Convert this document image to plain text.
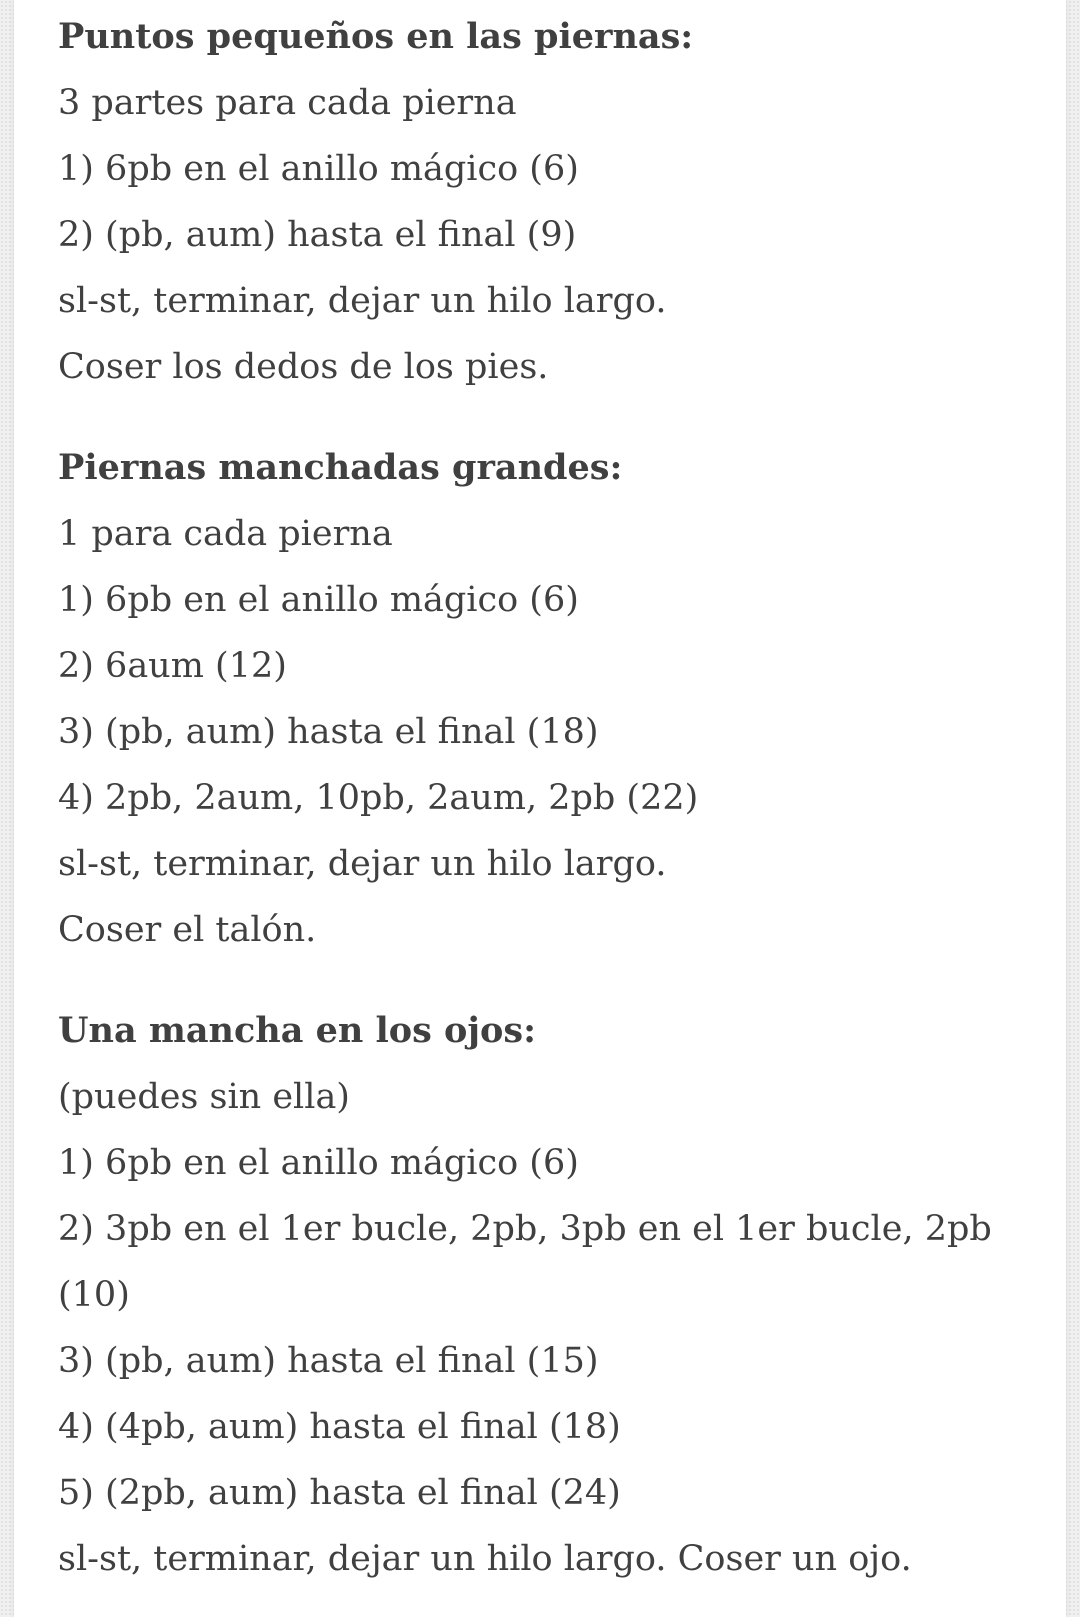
Puntos pequeños en las piernas:

3 partes para cada pierna

1) 6pb en el anillo mágico (6)

2) (pb, aum) hasta el final (9)

sl-st, terminar, dejar un hilo largo.

Coser los dedos de los pies.

Piernas manchadas grandes:

1 para cada pierna

1) 6pb en el anillo mágico (6)

2) 6aum (12)

3) (pb, aum) hasta el final (18)

4) 2pb, 2aum, 10pb, 2aum, 2pb (22)

sl-st, terminar, dejar un hilo largo.

Coser el talón.

Una mancha en los ojos:

(puedes sin ella)

1) 6pb en el anillo mágico (6)

2) 3pb en el 1er bucle, 2pb, 3pb en el 1er bucle, 2pb

(10)

3) (pb, aum) hasta el final (15)

4) (4pb, aum) hasta el final (18)

5) (2pb, aum) hasta el final (24)

sl-st, terminar, dejar un hilo largo. Coser un ojo.
